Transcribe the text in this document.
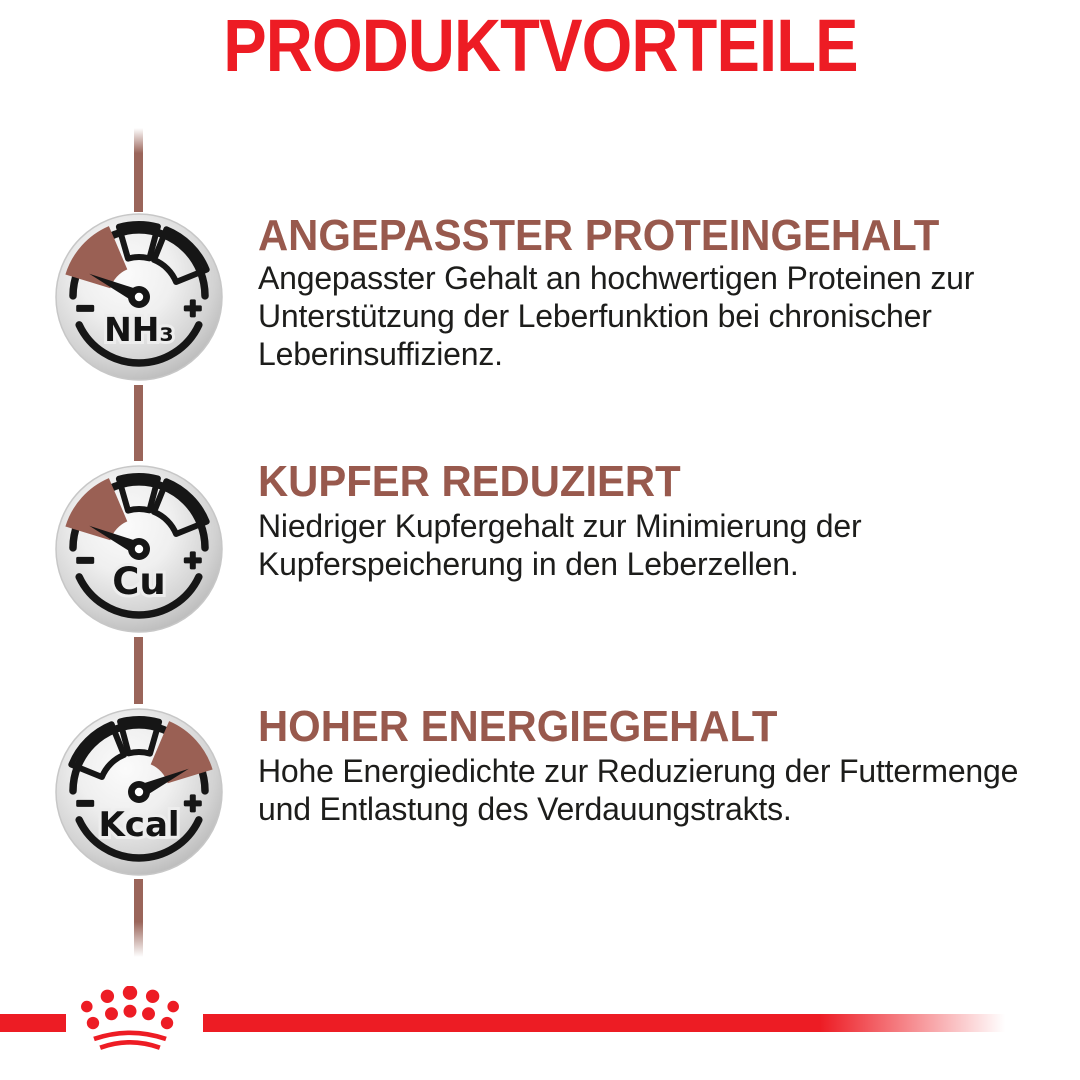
PRODUKTVORTEILE
NH₃
Cu
Kcal
ANGEPASSTER PROTEINGEHALT
Angepasster Gehalt an hochwertigen Proteinen zur
Unterstützung der Leberfunktion bei chronischer
Leberinsuffizienz.
KUPFER REDUZIERT
Niedriger Kupfergehalt zur Minimierung der
Kupferspeicherung in den Leberzellen.
HOHER ENERGIEGEHALT
Hohe Energiedichte zur Reduzierung der Futtermenge
und Entlastung des Verdauungstrakts.
